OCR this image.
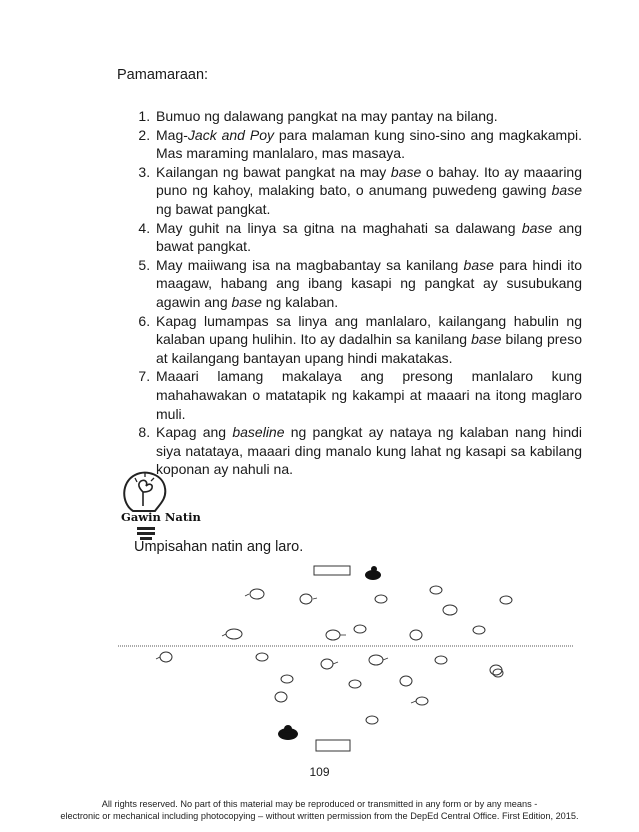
Pamamaraan:
1. Bumuo ng dalawang pangkat na may pantay na bilang.
2. Mag-Jack and Poy para malaman kung sino-sino ang magkakampi. Mas maraming manlalaro, mas masaya.
3. Kailangan ng bawat pangkat na may base o bahay. Ito ay maaaring puno ng kahoy, malaking bato, o anumang puwedeng gawing base ng bawat pangkat.
4. May guhit na linya sa gitna na maghahati sa dalawang base ang bawat pangkat.
5. May maiiwang isa na magbabantay sa kanilang base para hindi ito maagaw, habang ang ibang kasapi ng pangkat ay susubukang agawin ang base ng kalaban.
6. Kapag lumampas sa linya ang manlalaro, kailangang habulin ng kalaban upang hulihin. Ito ay dadalhin sa kanilang base bilang preso at kailangang bantayan upang hindi makatakas.
7. Maaari lamang makalaya ang presong manlalaro kung mahahawakan o matatapik ng kakampi at maaari na itong maglaro muli.
8. Kapag ang baseline ng pangkat ay nataya ng kalaban nang hindi siya natataya, maaari ding manalo kung lahat ng kasapi sa kabilang koponan ay nahuli na.
Gawin Natin
Umpisahan natin ang laro.
109
All rights reserved. No part of this material may be reproduced or transmitted in any form or by any means -
electronic or mechanical including photocopying – without written permission from the DepEd Central Office. First Edition, 2015.
